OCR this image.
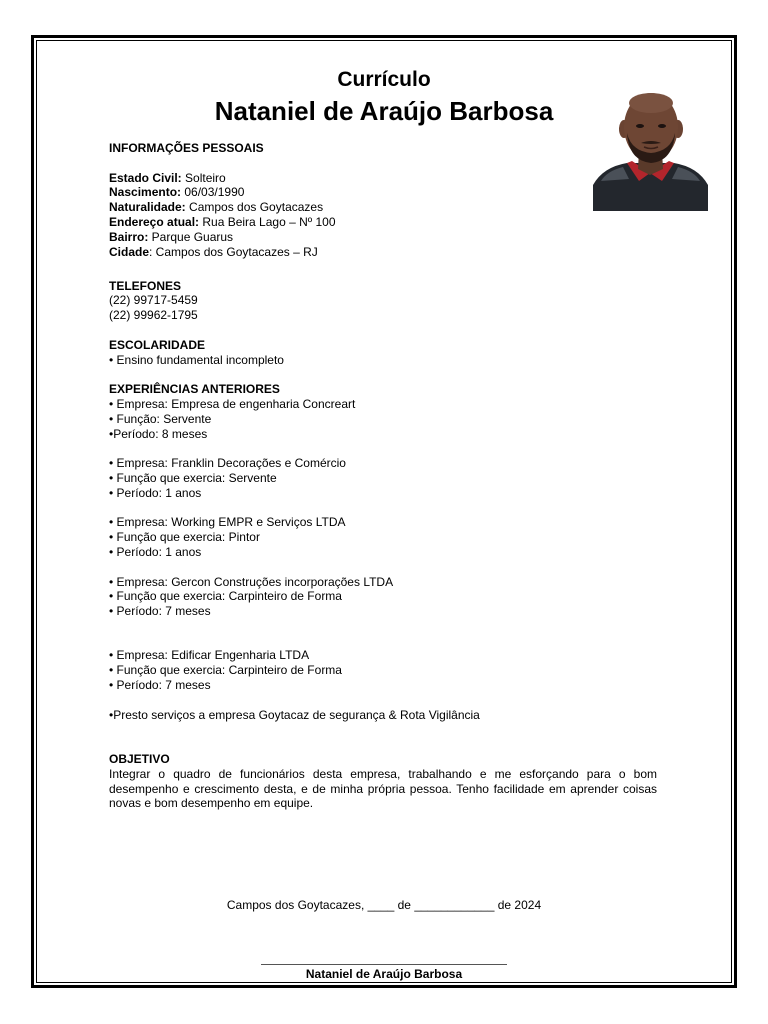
Currículo
Nataniel de Araújo Barbosa

INFORMAÇÕES PESSOAIS

Estado Civil: Solteiro

Nascimento: 06/03/1990

Naturalidade: Campos dos Goytacazes

Endereço atual: Rua Beira Lago – Nº 100

Bairro: Parque Guarus

Cidade: Campos dos Goytacazes – RJ

TELEFONES

(22) 99717-5459

(22) 99962-1795

ESCOLARIDADE

• Ensino fundamental incompleto

EXPERIÊNCIAS ANTERIORES

• Empresa: Empresa de engenharia Concreart

• Função: Servente

•Período: 8 meses

• Empresa: Franklin Decorações e Comércio

• Função que exercia: Servente

• Período: 1 anos

• Empresa: Working EMPR e Serviços LTDA

• Função que exercia: Pintor

• Período: 1 anos

• Empresa: Gercon Construções incorporações LTDA

• Função que exercia: Carpinteiro de Forma

• Período: 7 meses

• Empresa: Edificar Engenharia LTDA

• Função que exercia: Carpinteiro de Forma

• Período: 7 meses

•Presto serviços a empresa Goytacaz de segurança & Rota Vigilância

OBJETIVO

Integrar o quadro de funcionários desta empresa, trabalhando e me esforçando para o bom desempenho e crescimento desta, e de minha própria pessoa. Tenho facilidade em aprender coisas novas e bom desempenho em equipe.

Campos dos Goytacazes, ____ de ____________ de 2024
Nataniel de Araújo Barbosa
